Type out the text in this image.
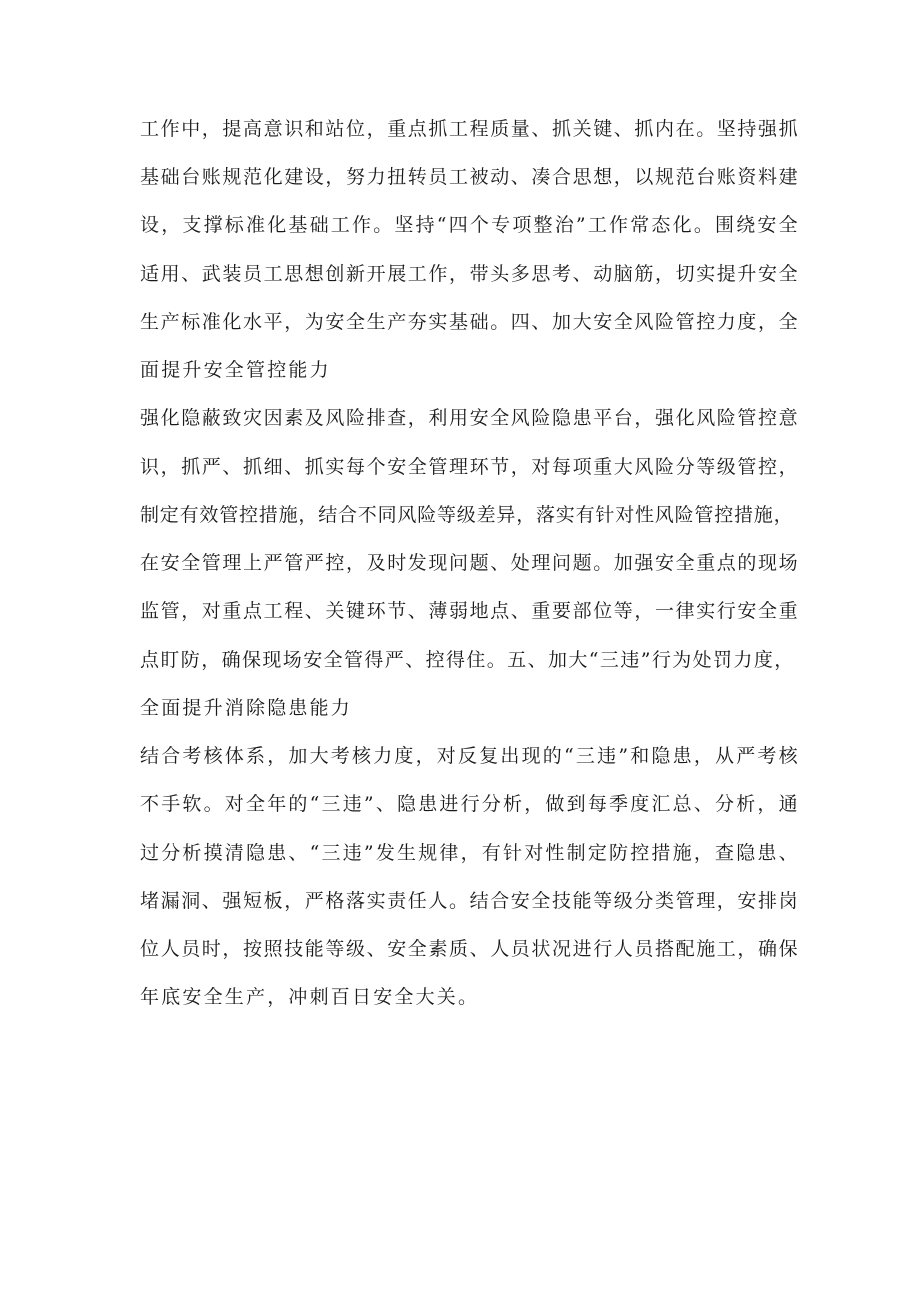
工作中，提高意识和站位，重点抓工程质量、抓关键、抓内在。坚持强抓
基础台账规范化建设，努力扭转员工被动、凑合思想，以规范台账资料建
设，支撑标准化基础工作。坚持“四个专项整治”工作常态化。围绕安全
适用、武装员工思想创新开展工作，带头多思考、动脑筋，切实提升安全
生产标准化水平，为安全生产夯实基础。四、加大安全风险管控力度，全
面提升安全管控能力
强化隐蔽致灾因素及风险排查，利用安全风险隐患平台，强化风险管控意
识，抓严、抓细、抓实每个安全管理环节，对每项重大风险分等级管控，
制定有效管控措施，结合不同风险等级差异，落实有针对性风险管控措施，
在安全管理上严管严控，及时发现问题、处理问题。加强安全重点的现场
监管，对重点工程、关键环节、薄弱地点、重要部位等，一律实行安全重
点盯防，确保现场安全管得严、控得住。五、加大“三违”行为处罚力度，
全面提升消除隐患能力
结合考核体系，加大考核力度，对反复出现的“三违”和隐患，从严考核
不手软。对全年的“三违”、隐患进行分析，做到每季度汇总、分析，通
过分析摸清隐患、“三违”发生规律，有针对性制定防控措施，查隐患、
堵漏洞、强短板，严格落实责任人。结合安全技能等级分类管理，安排岗
位人员时，按照技能等级、安全素质、人员状况进行人员搭配施工，确保
年底安全生产，冲刺百日安全大关。
